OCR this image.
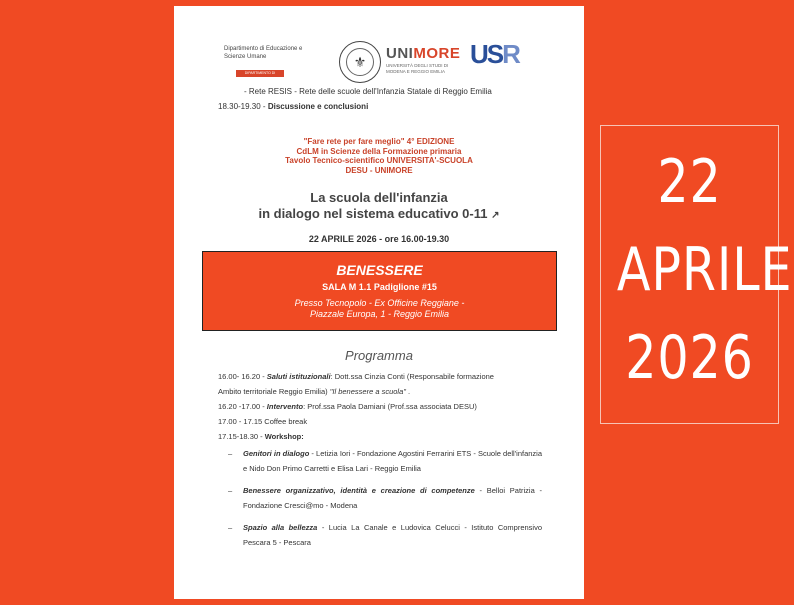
Dipartimento di Educazione e Scienze Umane
DIPARTIMENTO DI ECCELLENZA
⚜	UNIMORE
UNIVERSITÀ DEGLI STUDI DI MODENA E REGGIO EMILIA
USR
- Rete RESIS - Rete delle scuole dell'Infanzia Statale di Reggio Emilia
18.30-19.30 - Discussione e conclusioni
"Fare rete per fare meglio" 4° EDIZIONE
CdLM in Scienze della Formazione primaria
Tavolo Tecnico-scientifico UNIVERSITA'-SCUOLA
DESU - UNIMORE
La scuola dell'infanzia
in dialogo nel sistema educativo 0-11 ↗
22 APRILE 2026 - ore 16.00-19.30
BENESSERE
SALA M 1.1 Padiglione #15
Presso Tecnopolo - Ex Officine Reggiane -
Piazzale Europa, 1 - Reggio Emilia
Programma
16.00- 16.20 - Saluti istituzionali: Dott.ssa Cinzia Conti (Responsabile formazione
Ambito territoriale Reggio Emilia) "Il benessere a scuola" .
16.20 -17.00 - Intervento: Prof.ssa Paola Damiani (Prof.ssa associata DESU)
17.00 - 17.15 Coffee break
17.15-18.30 - Workshop:
– Genitori in dialogo - Letizia Iori - Fondazione Agostini Ferrarini ETS - Scuole dell'infanzia e Nido Don Primo Carretti e Elisa Lari - Reggio Emilia
– Benessere organizzativo, identità e creazione di competenze - Belloi Patrizia - Fondazione Cresci@mo - Modena
– Spazio alla bellezza - Lucia La Canale e Ludovica Celucci - Istituto Comprensivo Pescara 5 - Pescara
22
APRILE
2026
